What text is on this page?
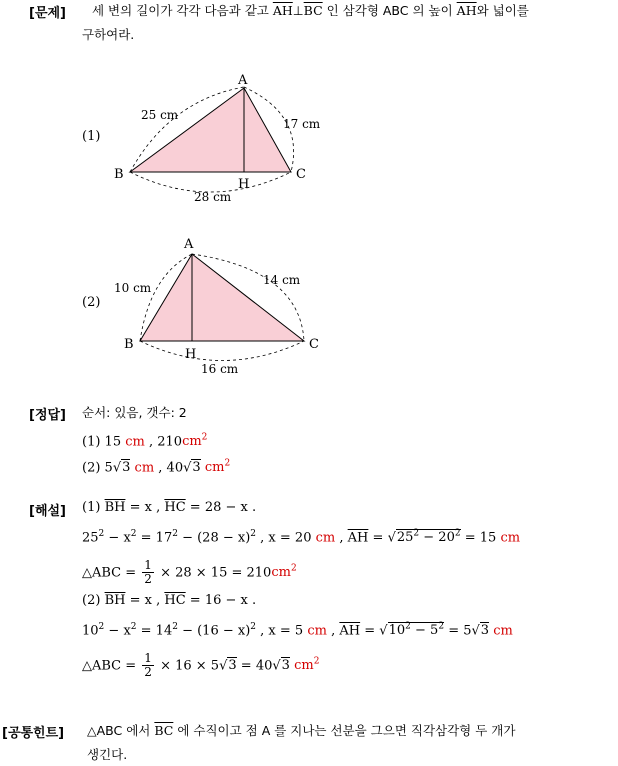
[문제] 세 변의 길이가 각각 다음과 같고 $\overline{AH}\perp\overline{BC}$ 인 삼각형 ABC 의 높이 $\overline{AH}$와 넓이를
구하여라.
(1)
A
B	C
H
25 cm
17 cm
28 cm
(2)
A
B	C
H
10 cm
14 cm
16 cm
[정답] 순서: 있음, 갯수: 2
(1) 15 cm , $210cm^2$
(2) 5√3 cm , 40√3 $cm^2$
[해설] (1) $\overline{BH} = x$ , $\overline{HC} = 28 - x$ .
$25^2 - x^2 = 17^2 - (28 - x)^2$ , x = 20 cm , $\overline{AH} = √25^2 - 20^2 = 15$ cm
△ABC = $\frac{1}{2} \times 28 \times 15 = 210cm^2$
(2) $\overline{BH} = x$ , $\overline{HC} = 16 - x$ .
$10^2 - x^2 = 14^2 - (16 - x)^2$ , x = 5 cm , $\overline{AH} = √10^2 - 5^2 = 5√3$ cm
△ABC = $\frac{1}{2} \times 16 \times 5√3 = 40√3$ $cm^2$
[공통힌트] △ABC 에서 $\overline{BC}$ 에 수직이고 점 A 를 지나는 선분을 그으면 직각삼각형 두 개가
생긴다.
